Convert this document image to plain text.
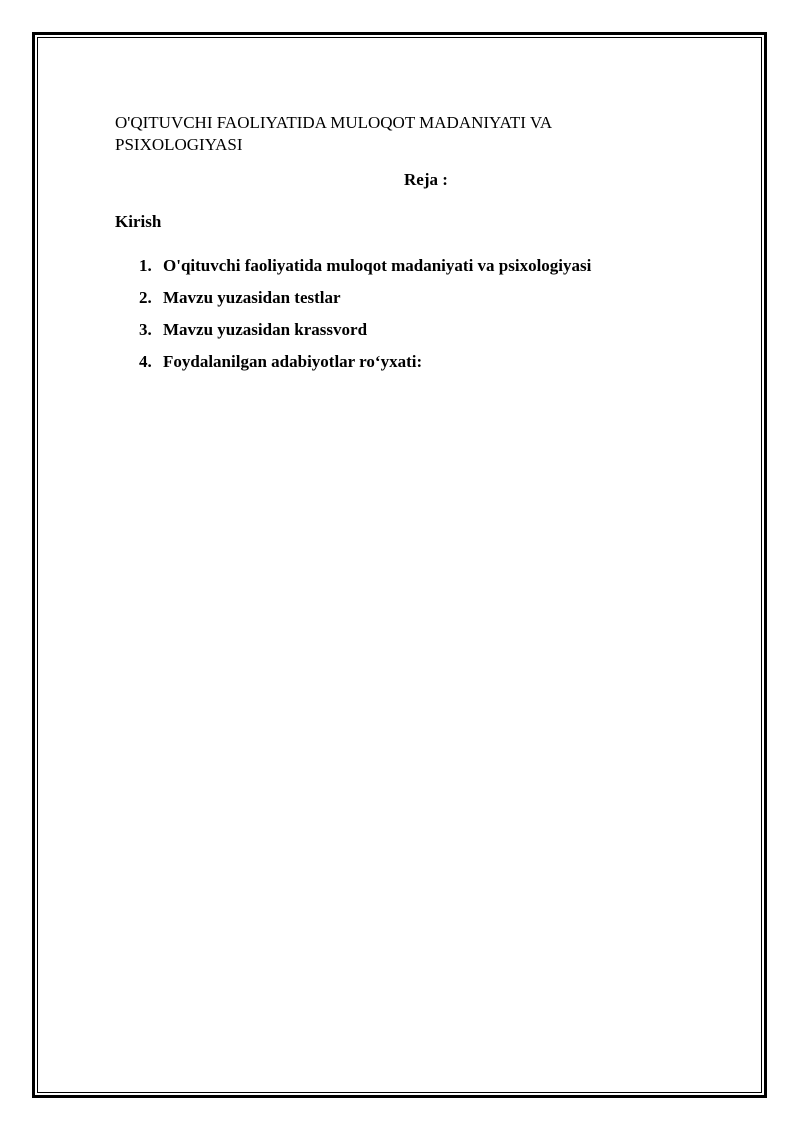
O'QITUVCHI FAOLIYATIDA MULOQOT MADANIYATI VA PSIXOLOGIYASI

Reja :

Kirish

1. O'qituvchi faoliyatida muloqot madaniyati va psixologiyasi
2. Mavzu yuzasidan testlar
3. Mavzu yuzasidan krassvord
4. Foydalanilgan adabiyotlar ro‘yxati:
